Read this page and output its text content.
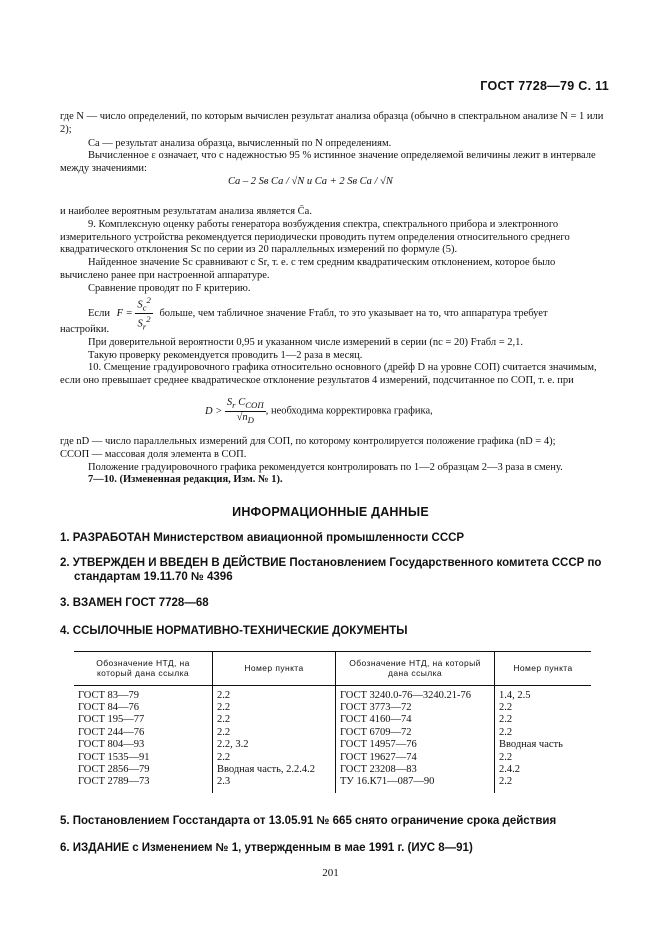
ГОСТ 7728—79 С. 11

где N — число определений, по которым вычислен результат анализа образца (обычно в спектральном анализе N = 1 или 2);

Cа — результат анализа образца, вычисленный по N определениям.

Вычисленное ε означает, что с надежностью 95 % истинное значение определяемой величины лежит в интервале между значениями:

Cа – 2 Sв Cа / √N и Cа + 2 Sв Cа / √N

и наиболее вероятным результатам анализа является C̄а.

9. Комплексную оценку работы генератора возбуждения спектра, спектрального прибора и электронного измерительного устройства рекомендуется периодически проводить путем определения относительного среднего квадратического отклонения Sс по серии из 20 параллельных измерений по формуле (5).

Найденное значение Sс сравнивают с Sr, т. е. с тем средним квадратическим отклонением, которое было вычислено ранее при настроенной аппаратуре.

Сравнение проводят по F критерию.

Если $F = \frac{S_c^2}{S_r^2}$ больше, чем табличное значение Fтабл, то это указывает на то, что аппаратура требует

настройки.

При доверительной вероятности 0,95 и указанном числе измерений в серии (nс = 20) Fтабл = 2,1.

Такую проверку рекомендуется проводить 1—2 раза в месяц.

10. Смещение градуировочного графика относительно основного (дрейф D на уровне СОП) считается значимым, если оно превышает среднее квадратическое отклонение результатов 4 измерений, подсчитанное по СОП, т. е. при

$D > \frac{S_r C_{СОП}}{√n_D}$ , необходима корректировка графика,

где nD — число параллельных измерений для СОП, по которому контролируется положение графика (nD = 4);

CСОП — массовая доля элемента в СОП.

Положение градуировочного графика рекомендуется контролировать по 1—2 образцам 2—3 раза в смену.

7—10. (Измененная редакция, Изм. № 1).

ИНФОРМАЦИОННЫЕ ДАННЫЕ
1. РАЗРАБОТАН Министерством авиационной промышленности СССР
2. УТВЕРЖДЕН И ВВЕДЕН В ДЕЙСТВИЕ Постановлением Государственного комитета СССР по
стандартам 19.11.70 № 4396
3. ВЗАМЕН ГОСТ 7728—68
4. ССЫЛОЧНЫЕ НОРМАТИВНО-ТЕХНИЧЕСКИЕ ДОКУМЕНТЫ
Обозначение НТД, на который дана ссылка	Номер пункта	Обозначение НТД, на который дана ссылка	Номер пункта
ГОСТ 83—79	2.2	ГОСТ 3240.0-76—3240.21-76	1.4, 2.5
ГОСТ 84—76	2.2	ГОСТ 3773—72	2.2
ГОСТ 195—77	2.2	ГОСТ 4160—74	2.2
ГОСТ 244—76	2.2	ГОСТ 6709—72	2.2
ГОСТ 804—93	2.2, 3.2	ГОСТ 14957—76	Вводная часть
ГОСТ 1535—91	2.2	ГОСТ 19627—74	2.2
ГОСТ 2856—79	Вводная часть, 2.2.4.2	ГОСТ 23208—83	2.4.2
ГОСТ 2789—73	2.3	ТУ 16.К71—087—90	2.2
5. Постановлением Госстандарта от 13.05.91 № 665 снято ограничение срока действия
6. ИЗДАНИЕ с Изменением № 1, утвержденным в мае 1991 г. (ИУС 8—91)
201
